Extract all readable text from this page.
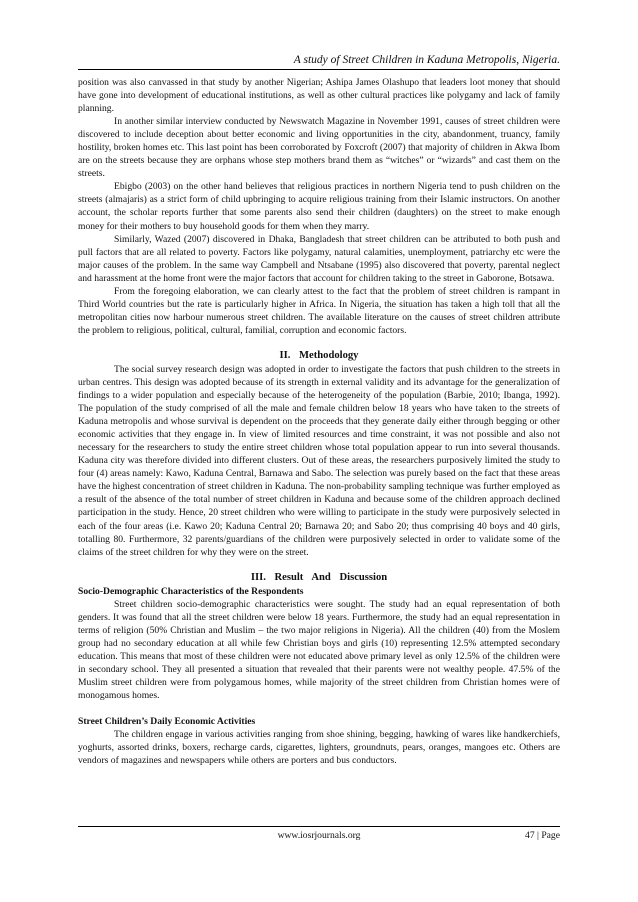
A study of Street Children in Kaduna Metropolis, Nigeria.

position was also canvassed in that study by another Nigerian; Ashipa James Olashupo that leaders loot money that should have gone into development of educational institutions, as well as other cultural practices like polygamy and lack of family planning.

In another similar interview conducted by Newswatch Magazine in November 1991, causes of street children were discovered to include deception about better economic and living opportunities in the city, abandonment, truancy, family hostility, broken homes etc. This last point has been corroborated by Foxcroft (2007) that majority of children in Akwa Ibom are on the streets because they are orphans whose step mothers brand them as “witches” or “wizards” and cast them on the streets.

Ebigbo (2003) on the other hand believes that religious practices in northern Nigeria tend to push children on the streets (almajaris) as a strict form of child upbringing to acquire religious training from their Islamic instructors. On another account, the scholar reports further that some parents also send their children (daughters) on the street to make enough money for their mothers to buy household goods for them when they marry.

Similarly, Wazed (2007) discovered in Dhaka, Bangladesh that street children can be attributed to both push and pull factors that are all related to poverty. Factors like polygamy, natural calamities, unemployment, patriarchy etc were the major causes of the problem. In the same way Campbell and Ntsabane (1995) also discovered that poverty, parental neglect and harassment at the home front were the major factors that account for children taking to the street in Gaborone, Botsawa.

From the foregoing elaboration, we can clearly attest to the fact that the problem of street children is rampant in Third World countries but the rate is particularly higher in Africa. In Nigeria, the situation has taken a high toll that all the metropolitan cities now harbour numerous street children. The available literature on the causes of street children attribute the problem to religious, political, cultural, familial, corruption and economic factors.

II. Methodology

The social survey research design was adopted in order to investigate the factors that push children to the streets in urban centres. This design was adopted because of its strength in external validity and its advantage for the generalization of findings to a wider population and especially because of the heterogeneity of the population (Barbie, 2010; Ibanga, 1992). The population of the study comprised of all the male and female children below 18 years who have taken to the streets of Kaduna metropolis and whose survival is dependent on the proceeds that they generate daily either through begging or other economic activities that they engage in. In view of limited resources and time constraint, it was not possible and also not necessary for the researchers to study the entire street children whose total population appear to run into several thousands. Kaduna city was therefore divided into different clusters. Out of these areas, the researchers purposively limited the study to four (4) areas namely: Kawo, Kaduna Central, Barnawa and Sabo. The selection was purely based on the fact that these areas have the highest concentration of street children in Kaduna. The non-probability sampling technique was further employed as a result of the absence of the total number of street children in Kaduna and because some of the children approach declined participation in the study. Hence, 20 street children who were willing to participate in the study were purposively selected in each of the four areas (i.e. Kawo 20; Kaduna Central 20; Barnawa 20; and Sabo 20; thus comprising 40 boys and 40 girls, totalling 80. Furthermore, 32 parents/guardians of the children were purposively selected in order to validate some of the claims of the street children for why they were on the street.

III. Result And Discussion
Socio-Demographic Characteristics of the Respondents

Street children socio-demographic characteristics were sought. The study had an equal representation of both genders. It was found that all the street children were below 18 years. Furthermore, the study had an equal representation in terms of religion (50% Christian and Muslim – the two major religions in Nigeria). All the children (40) from the Moslem group had no secondary education at all while few Christian boys and girls (10) representing 12.5% attempted secondary education. This means that most of these children were not educated above primary level as only 12.5% of the children were in secondary school. They all presented a situation that revealed that their parents were not wealthy people. 47.5% of the Muslim street children were from polygamous homes, while majority of the street children from Christian homes were of monogamous homes.

Street Children’s Daily Economic Activities

The children engage in various activities ranging from shoe shining, begging, hawking of wares like handkerchiefs, yoghurts, assorted drinks, boxers, recharge cards, cigarettes, lighters, groundnuts, pears, oranges, mangoes etc. Others are vendors of magazines and newspapers while others are porters and bus conductors.

www.iosrjournals.org	47 | Page
